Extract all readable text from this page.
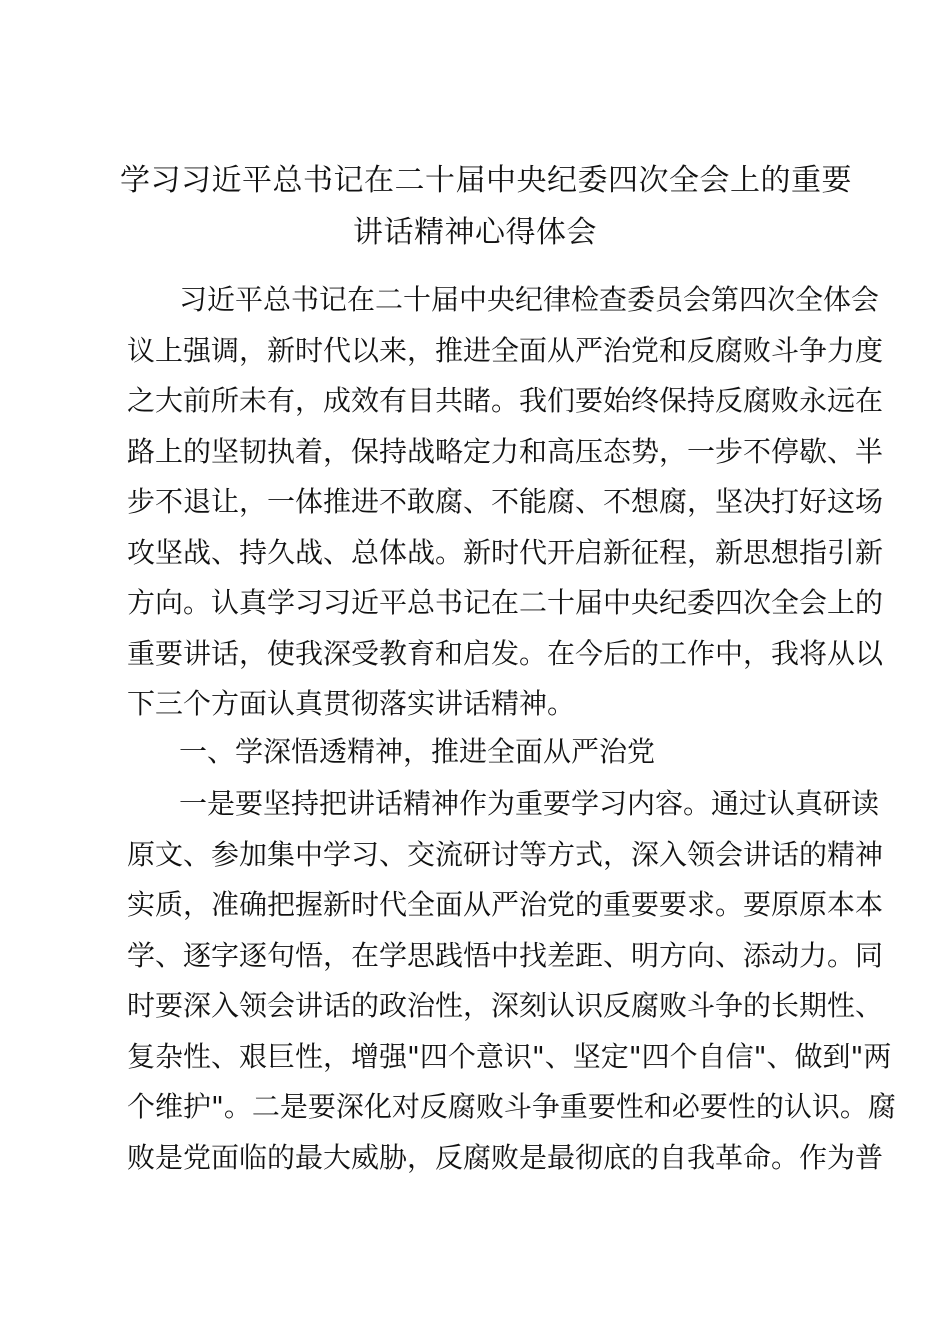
学习习近平总书记在二十届中央纪委四次全会上的重要
讲话精神心得体会
习近平总书记在二十届中央纪律检查委员会第四次全体会
议上强调，新时代以来，推进全面从严治党和反腐败斗争力度
之大前所未有，成效有目共睹。我们要始终保持反腐败永远在
路上的坚韧执着，保持战略定力和高压态势，一步不停歇、半
步不退让，一体推进不敢腐、不能腐、不想腐，坚决打好这场
攻坚战、持久战、总体战。新时代开启新征程，新思想指引新
方向。认真学习习近平总书记在二十届中央纪委四次全会上的
重要讲话，使我深受教育和启发。在今后的工作中，我将从以
下三个方面认真贯彻落实讲话精神。
一、学深悟透精神，推进全面从严治党
一是要坚持把讲话精神作为重要学习内容。通过认真研读
原文、参加集中学习、交流研讨等方式，深入领会讲话的精神
实质，准确把握新时代全面从严治党的重要要求。要原原本本
学、逐字逐句悟，在学思践悟中找差距、明方向、添动力。同
时要深入领会讲话的政治性，深刻认识反腐败斗争的长期性、
复杂性、艰巨性，增强"四个意识"、坚定"四个自信"、做到"两
个维护"。二是要深化对反腐败斗争重要性和必要性的认识。腐
败是党面临的最大威胁，反腐败是最彻底的自我革命。作为普
